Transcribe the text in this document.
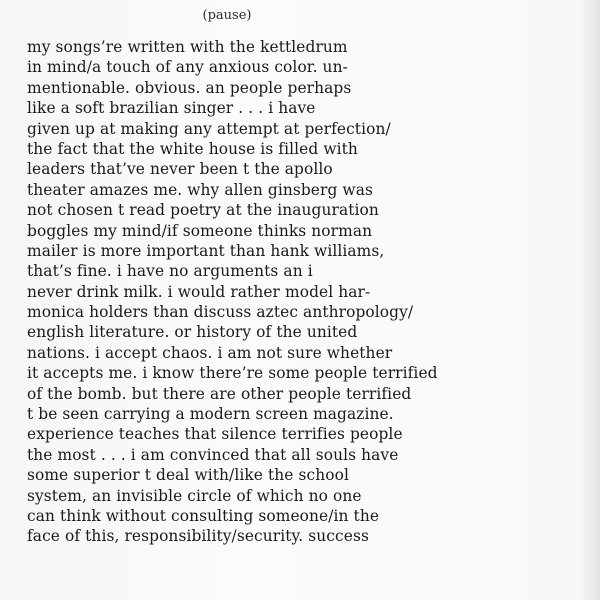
(pause)
my songs’re written with the kettledrum
in mind/a touch of any anxious color. un-
mentionable. obvious. an people perhaps
like a soft brazilian singer . . . i have
given up at making any attempt at perfection/
the fact that the white house is filled with
leaders that’ve never been t the apollo
theater amazes me. why allen ginsberg was
not chosen t read poetry at the inauguration
boggles my mind/if someone thinks norman
mailer is more important than hank williams,
that’s fine. i have no arguments an i
never drink milk. i would rather model har-
monica holders than discuss aztec anthropology/
english literature. or history of the united
nations. i accept chaos. i am not sure whether
it accepts me. i know there’re some people terrified
of the bomb. but there are other people terrified
t be seen carrying a modern screen magazine.
experience teaches that silence terrifies people
the most . . . i am convinced that all souls have
some superior t deal with/like the school
system, an invisible circle of which no one
can think without consulting someone/in the
face of this, responsibility/security. success
